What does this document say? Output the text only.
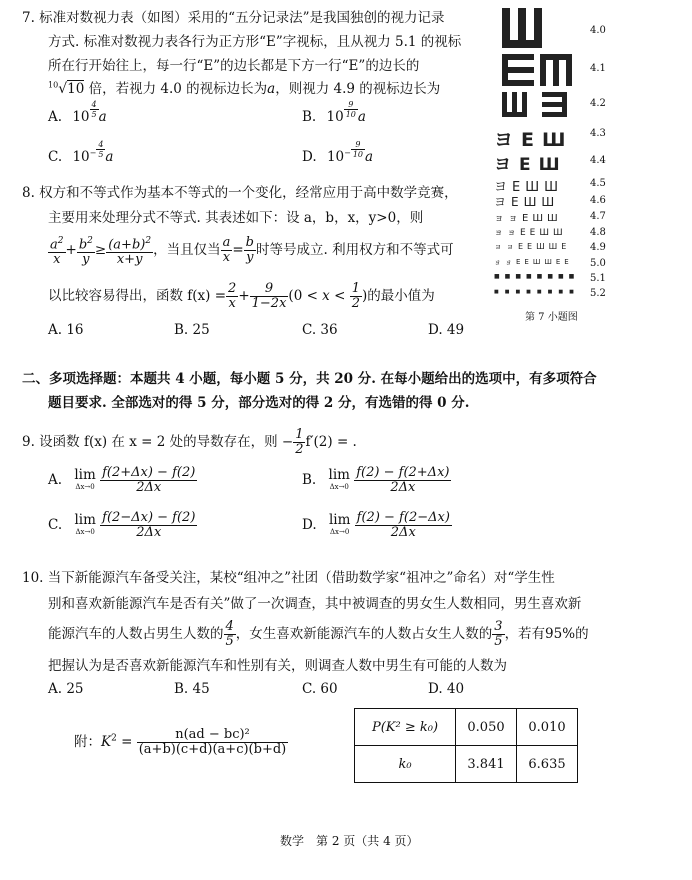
7. 标准对数视力表（如图）采用的“五分记录法”是我国独创的视力记录
方式. 标准对数视力表各行为正方形“E”字视标，且从视力 5.1 的视标
所在行开始往上，每一行“E”的边长都是下方一行“E”的边长的
$^{10}$√10 倍，若视力 4.0 的视标边长为a，则视力 4.9 的视标边长为
A. $10 \frac{4}{5}$ a	B. $10 \frac{9}{10}$ a
C. $10^- \frac{4}{5}$ a	D. $10^- \frac{9}{10}$ a
ヨEШ
ヨEШ
ヨEШШ
ヨEШШ
ョョEШШ
ョョEEШШ
ョョEEШШE
ョョEEШШEE
■■■■■■■■
■■■■■■■■
4.0
4.1
4.2
4.3
4.4
4.5
4.6
4.7
4.8
4.9
5.0
5.1
5.2
第 7 小题图
8. 权方和不等式作为基本不等式的一个变化，经常应用于高中数学竞赛，
主要用来处理分式不等式. 其表述如下：设 a，b，x，y>0，则
$\frac{a^2}{x} + \frac{b^2}{y} \ge \frac{(a+b)^2}{x+y}$ ，当且仅当 $\frac{a}{x} = \frac{b}{y}$ 时等号成立. 利用权方和不等式可
以比较容易得出，函数 $f(x) = \frac{2}{x} + \frac{9}{1-2x} (0 < x < \frac{1}{2}$ )的最小值为
A. 16	B. 25	C. 36	D. 49
二、多项选择题：本题共 4 小题，每小题 5 分，共 20 分. 在每小题给出的选项中，有多项符合
题目要求. 全部选对的得 5 分，部分选对的得 2 分，有选错的得 0 分.
9. 设函数 f(x) 在 x = 2 处的导数存在，则 − $\frac{1}{2} f'(2)$ = .
A. lim
Δx→0
$\frac{f(2+\Delta x) - f(2)}{2\Delta x}$	B. lim
Δx→0
$\frac{f(2) - f(2+\Delta x)}{2\Delta x}$
C. lim
Δx→0
$\frac{f(2-\Delta x) - f(2)}{2\Delta x}$	D. lim
Δx→0
$\frac{f(2) - f(2-\Delta x)}{2\Delta x}$
10. 当下新能源汽车备受关注，某校“组冲之”社团（借助数学家“祖冲之”命名）对“学生性
别和喜欢新能源汽车是否有关”做了一次调查，其中被调查的男女生人数相同，男生喜欢新
能源汽车的人数占男生人数的 $\frac{4}{5}$ ，女生喜欢新能源汽车的人数占女生人数的 $\frac{3}{5}$ ，若有95%的
把握认为是否喜欢新能源汽车和性别有关，则调查人数中男生有可能的人数为
A. 25	B. 45	C. 60	D. 40
附：$K^2 = \frac{\text{n(ad − bc)²}}{(a+b)(c+d)(a+c)(b+d)}$
P(K² ≥ k₀)	0.050	0.010
k₀	3.841	6.635
数学　第 2 页（共 4 页）
